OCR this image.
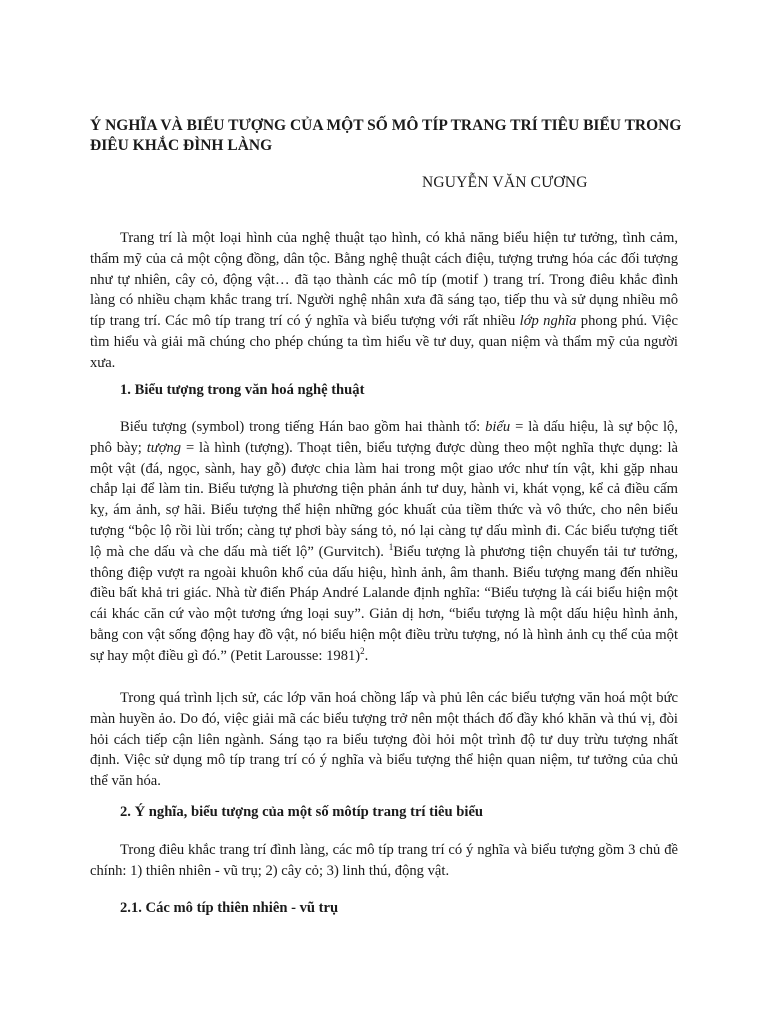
Ý NGHĨA VÀ BIỂU TƯỢNG CỦA MỘT SỐ MÔ TÍP TRANG TRÍ TIÊU BIỂU TRONG ĐIÊU KHẮC ĐÌNH LÀNG

NGUYỄN VĂN CƯƠNG

Trang trí là một loại hình của nghệ thuật tạo hình, có khả năng biểu hiện tư tưởng, tình cảm, thẩm mỹ của cả một cộng đồng, dân tộc. Bằng nghệ thuật cách điệu, tượng trưng hóa các đối tượng như tự nhiên, cây cỏ, động vật… đã tạo thành các mô típ (motif ) trang trí. Trong điêu khắc đình làng có nhiều chạm khắc trang trí. Người nghệ nhân xưa đã sáng tạo, tiếp thu và sử dụng nhiều mô típ trang trí. Các mô típ trang trí có ý nghĩa và biểu tượng với rất nhiều lớp nghĩa phong phú. Việc tìm hiểu và giải mã chúng cho phép chúng ta tìm hiểu về tư duy, quan niệm và thẩm mỹ của người xưa.

1. Biểu tượng trong văn hoá nghệ thuật

Biểu tượng (symbol) trong tiếng Hán bao gồm hai thành tố: biểu = là dấu hiệu, là sự bộc lộ, phô bày; tượng = là hình (tượng). Thoạt tiên, biểu tượng được dùng theo một nghĩa thực dụng: là một vật (đá, ngọc, sành, hay gỗ) được chia làm hai trong một giao ước như tín vật, khi gặp nhau chắp lại để làm tin. Biểu tượng là phương tiện phản ánh tư duy, hành vi, khát vọng, kể cả điều cấm kỵ, ám ảnh, sợ hãi. Biểu tượng thể hiện những góc khuất của tiềm thức và vô thức, cho nên biểu tượng “bộc lộ rồi lùi trốn; càng tự phơi bày sáng tỏ, nó lại càng tự dấu mình đi. Các biểu tượng tiết lộ mà che dấu và che dấu mà tiết lộ” (Gurvitch). $^1$Biểu tượng là phương tiện chuyển tải tư tưởng, thông điệp vượt ra ngoài khuôn khổ của dấu hiệu, hình ảnh, âm thanh. Biểu tượng mang đến nhiều điều bất khả tri giác. Nhà từ điển Pháp André Lalande định nghĩa: “Biểu tượng là cái biểu hiện một cái khác căn cứ vào một tương ứng loại suy”. Giản dị hơn, “biểu tượng là một dấu hiệu hình ảnh, bằng con vật sống động hay đồ vật, nó biểu hiện một điều trừu tượng, nó là hình ảnh cụ thể của một sự hay một điều gì đó.” (Petit Larousse: 1981)$^2$.

Trong quá trình lịch sử, các lớp văn hoá chồng lấp và phủ lên các biểu tượng văn hoá một bức màn huyền ảo. Do đó, việc giải mã các biểu tượng trở nên một thách đố đầy khó khăn và thú vị, đòi hỏi cách tiếp cận liên ngành. Sáng tạo ra biểu tượng đòi hỏi một trình độ tư duy trừu tượng nhất định. Việc sử dụng mô típ trang trí có ý nghĩa và biểu tượng thể hiện quan niệm, tư tưởng của chủ thể văn hóa.

2. Ý nghĩa, biểu tượng của một số môtíp trang trí tiêu biểu

Trong điêu khắc trang trí đình làng, các mô típ trang trí có ý nghĩa và biểu tượng gồm 3 chủ đề chính: 1) thiên nhiên - vũ trụ; 2) cây cỏ; 3) linh thú, động vật.

2.1. Các mô típ thiên nhiên - vũ trụ
